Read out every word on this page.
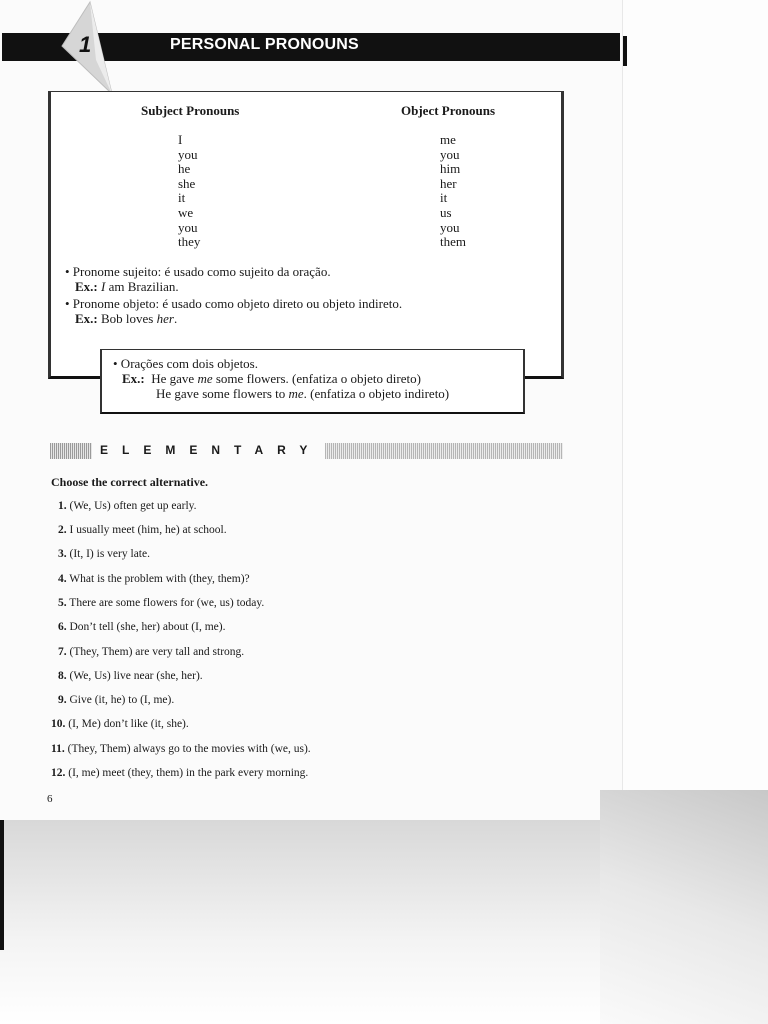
1	PERSONAL PRONOUNS
Subject Pronouns	Object Pronouns
I
you
he
she
it
we
you
they
me
you
him
her
it
us
you
them
• Pronome sujeito: é usado como sujeito da oração.
Ex.: I am Brazilian.
• Pronome objeto: é usado como objeto direto ou objeto indireto.
Ex.: Bob loves her.
• Orações com dois objetos.
Ex.: He gave me some flowers. (enfatiza o objeto direto)
He gave some flowers to me. (enfatiza o objeto indireto)
ELEMENTARY
Choose the correct alternative.
1. (We, Us) often get up early.
2. I usually meet (him, he) at school.
3. (It, I) is very late.
4. What is the problem with (they, them)?
5. There are some flowers for (we, us) today.
6. Don’t tell (she, her) about (I, me).
7. (They, Them) are very tall and strong.
8. (We, Us) live near (she, her).
9. Give (it, he) to (I, me).
10. (I, Me) don’t like (it, she).
11. (They, Them) always go to the movies with (we, us).
12. (I, me) meet (they, them) in the park every morning.
6
